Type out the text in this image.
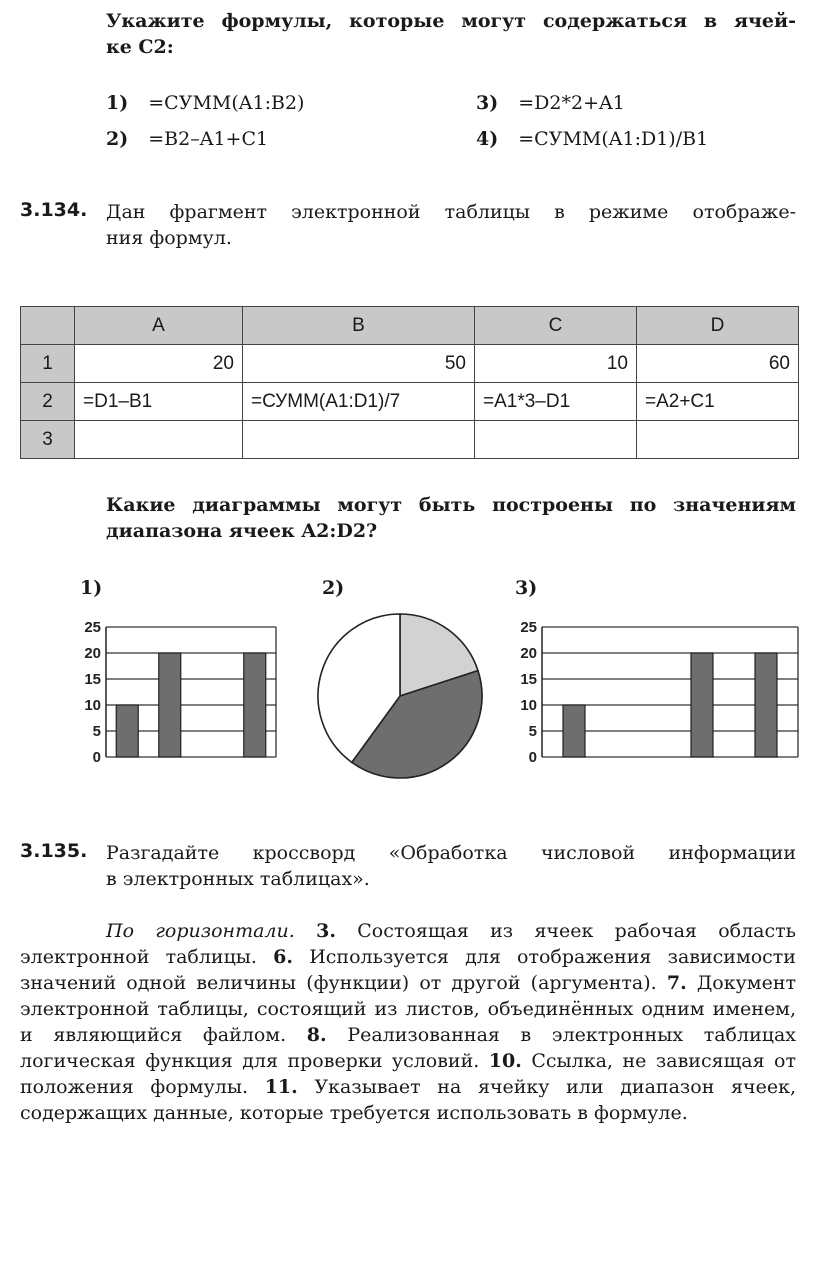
Укажите формулы, которые могут содержаться в ячей-
ке С2:
1) =СУММ(A1:B2)	3) =D2*2+A1
2) =B2–A1+C1	4) =СУММ(A1:D1)/B1
3.134. Дан фрагмент электронной таблицы в режиме отображе-
ния формул.
	A	B	C	D
1	20	50	10	60
2	=D1–B1	=СУММ(A1:D1)/7	=A1*3–D1	=A2+C1
3				
Какие диаграммы могут быть построены по значениям
диапазона ячеек A2:D2?
1)	2)	3)
0
5
10
15
20
25
0
5
10
15
20
25
3.135. Разгадайте кроссворд «Обработка числовой информации
в электронных таблицах».
По горизонтали. 3. Состоящая из ячеек рабочая область электронной таблицы. 6. Используется для отображения зависимости значений одной величины (функции) от другой (аргумента). 7. Документ электронной таблицы, состоящий из листов, объединённых одним именем, и являющийся файлом. 8. Реализованная в электронных таблицах логическая функция для проверки условий. 10. Ссылка, не зависящая от положения формулы. 11. Указывает на ячейку или диапазон ячеек, содержащих данные, которые требуется использовать в формуле.
